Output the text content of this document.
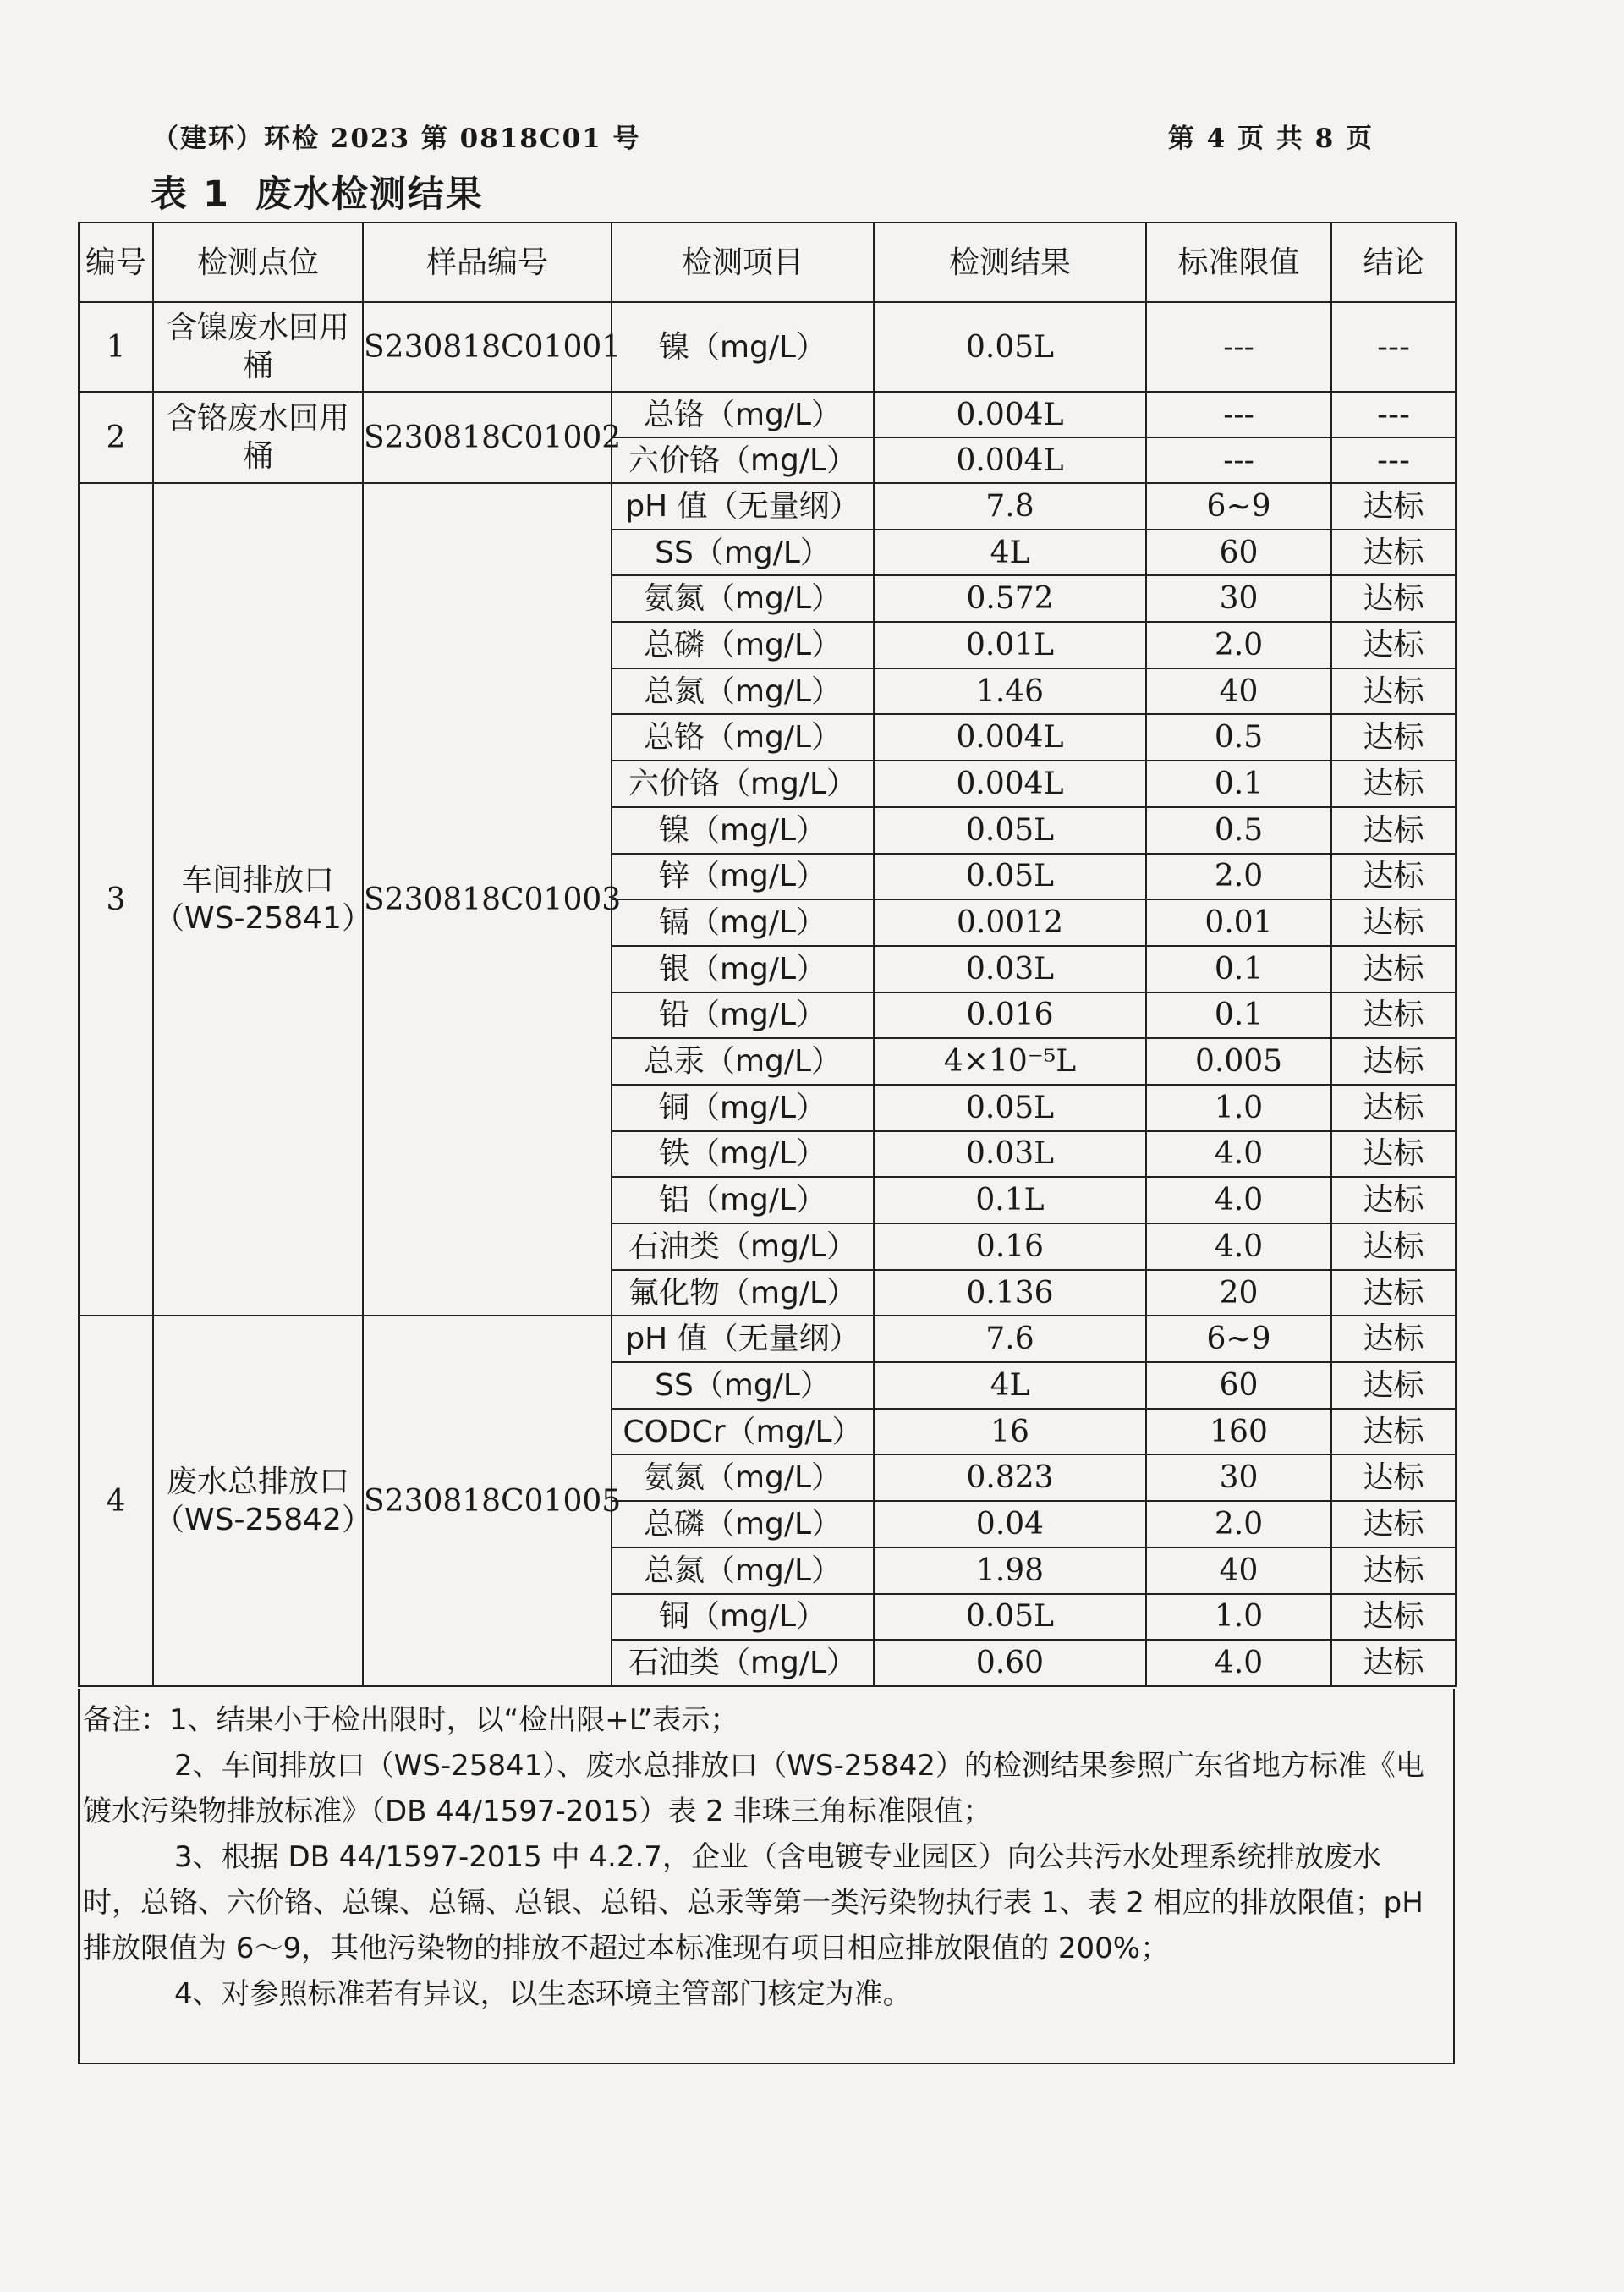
（建环）环检 2023 第 0818C01 号	第 4 页 共 8 页
表 1 废水检测结果
编号	检测点位	样品编号	检测项目	检测结果	标准限值	结论
1	含镍废水回用桶	S230818C01001	镍（mg/L）	0.05L	---	---
2	含铬废水回用桶	S230818C01002	总铬（mg/L）	0.004L	---	---
			六价铬（mg/L）	0.004L	---	---
3	车间排放口（WS-25841）	S230818C01003	pH 值（无量纲）	7.8	6~9	达标
			SS（mg/L）	4L	60	达标
			氨氮（mg/L）	0.572	30	达标
			总磷（mg/L）	0.01L	2.0	达标
			总氮（mg/L）	1.46	40	达标
			总铬（mg/L）	0.004L	0.5	达标
			六价铬（mg/L）	0.004L	0.1	达标
			镍（mg/L）	0.05L	0.5	达标
			锌（mg/L）	0.05L	2.0	达标
			镉（mg/L）	0.0012	0.01	达标
			银（mg/L）	0.03L	0.1	达标
			铅（mg/L）	0.016	0.1	达标
			总汞（mg/L）	4×10⁻⁵L	0.005	达标
			铜（mg/L）	0.05L	1.0	达标
			铁（mg/L）	0.03L	4.0	达标
			铝（mg/L）	0.1L	4.0	达标
			石油类（mg/L）	0.16	4.0	达标
			氟化物（mg/L）	0.136	20	达标
4	废水总排放口（WS-25842）	S230818C01005	pH 值（无量纲）	7.6	6~9	达标
			SS（mg/L）	4L	60	达标
			CODCr（mg/L）	16	160	达标
			氨氮（mg/L）	0.823	30	达标
			总磷（mg/L）	0.04	2.0	达标
			总氮（mg/L）	1.98	40	达标
			铜（mg/L）	0.05L	1.0	达标
			石油类（mg/L）	0.60	4.0	达标

备注：1、结果小于检出限时，以“检出限+L”表示；

2、车间排放口（WS-25841）、废水总排放口（WS-25842）的检测结果参照广东省地方标准《电镀水污染物排放标准》（DB 44/1597-2015）表 2 非珠三角标准限值；

3、根据 DB 44/1597-2015 中 4.2.7，企业（含电镀专业园区）向公共污水处理系统排放废水时，总铬、六价铬、总镍、总镉、总银、总铅、总汞等第一类污染物执行表 1、表 2 相应的排放限值；pH 排放限值为 6～9，其他污染物的排放不超过本标准现有项目相应排放限值的 200%；

4、对参照标准若有异议，以生态环境主管部门核定为准。
